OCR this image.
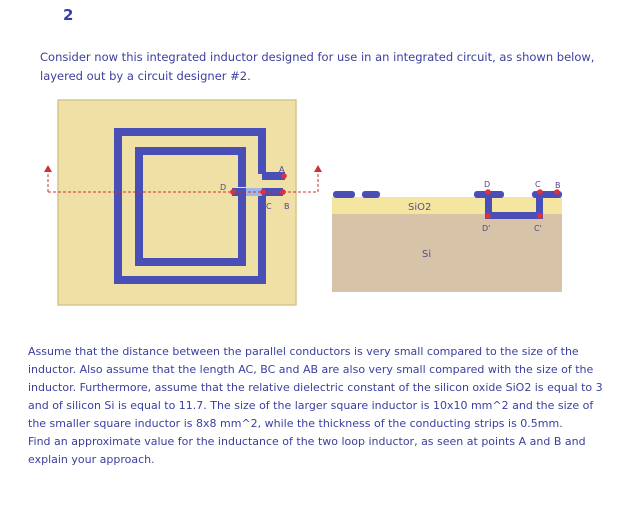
2
Consider now this integrated inductor designed for use in an integrated circuit, as shown below, layered out by a circuit designer #2.
A
D
C B	SiO2
Si
D	C B
D'	C'

Assume that the distance between the parallel conductors is very small compared to the size of the inductor. Also assume that the length AC, BC and AB are also very small compared with the size of the inductor. Furthermore, assume that the relative dielectric constant of the silicon oxide SiO2 is equal to 3 and of silicon Si is equal to 11.7. The size of the larger square inductor is 10x10 mm^2 and the size of the smaller square inductor is 8x8 mm^2, while the thickness of the conducting strips is 0.5mm.

Find an approximate value for the inductance of the two loop inductor, as seen at points A and B and explain your approach.
